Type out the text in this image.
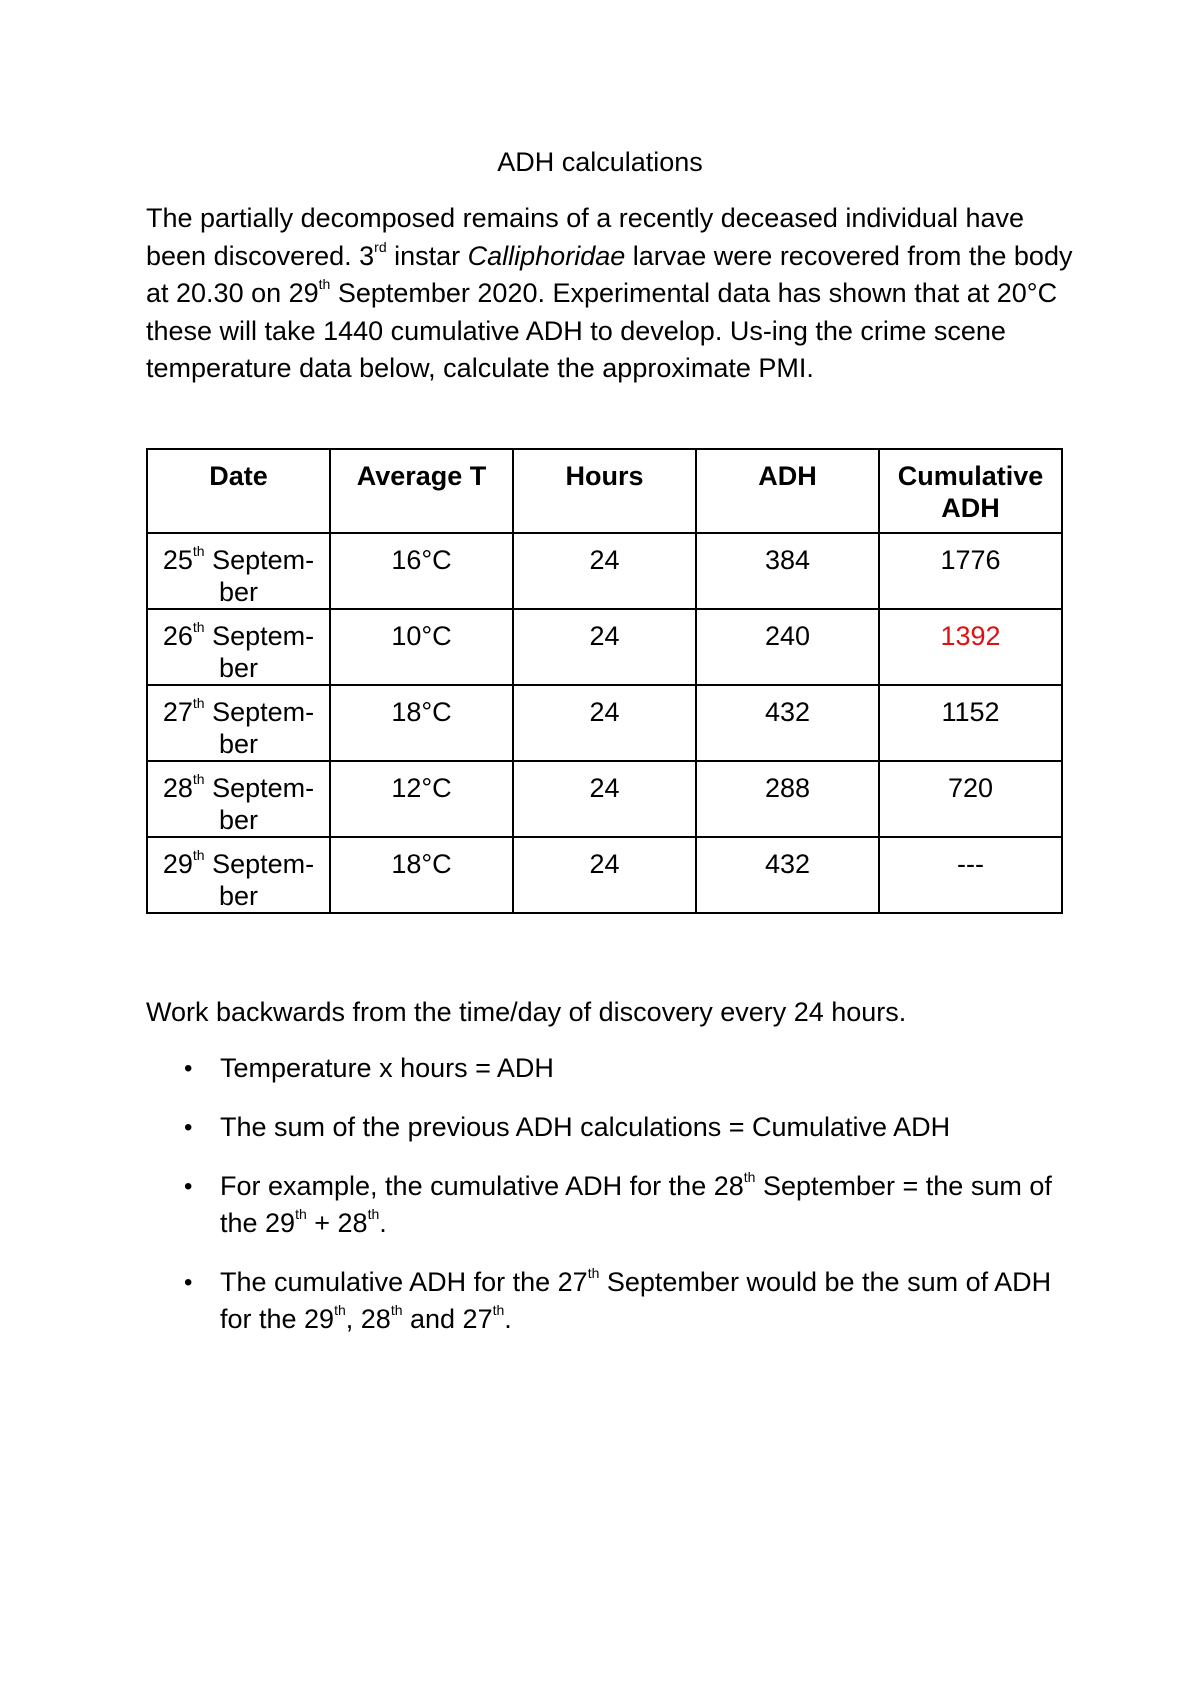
ADH calculations
The partially decomposed remains of a recently deceased individual have been discovered. 3rd instar Calliphoridae larvae were recovered from the body at 20.30 on 29th September 2020. Experimental data has shown that at 20°C these will take 1440 cumulative ADH to develop. Us-ing the crime scene temperature data below, calculate the approximate PMI.
Date	Average T	Hours	ADH	Cumulative ADH
25th Septem-ber	16°C	24	384	1776
26th Septem-ber	10°C	24	240	1392
27th Septem-ber	18°C	24	432	1152
28th Septem-ber	12°C	24	288	720
29th Septem-ber	18°C	24	432	---
Work backwards from the time/day of discovery every 24 hours.
• Temperature x hours = ADH
• The sum of the previous ADH calculations = Cumulative ADH
• For example, the cumulative ADH for the 28th September = the sum of the 29th + 28th.
• The cumulative ADH for the 27th September would be the sum of ADH for the 29th, 28th and 27th.
